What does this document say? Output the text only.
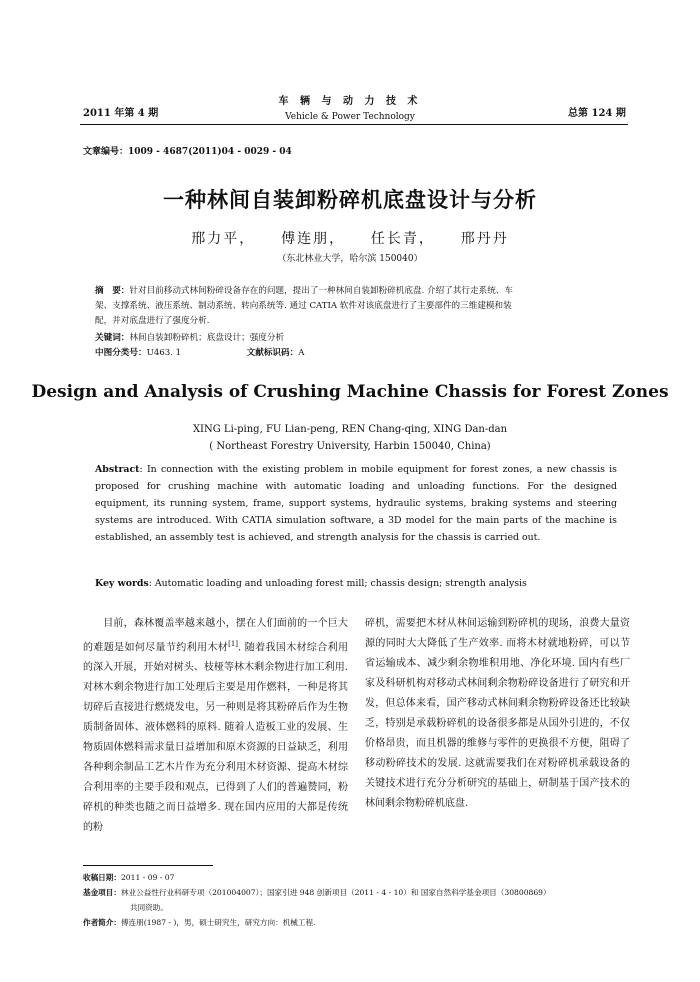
2011 年第 4 期
车 辆 与 动 力 技 术
Vehicle & Power Technology	总第 124 期
文章编号：1009 - 4687(2011)04 - 0029 - 04
一种林间自装卸粉碎机底盘设计与分析
邢力平， 傅连朋， 任长青， 邢丹丹
（东北林业大学，哈尔滨 150040）
摘　要：针对目前移动式林间粉碎设备存在的问题，提出了一种林间自装卸粉碎机底盘. 介绍了其行走系统、车
架、支撑系统、液压系统、制动系统、转向系统等. 通过 CATIA 软件对该底盘进行了主要部件的三维建模和装
配，并对底盘进行了强度分析.
关键词：林间自装卸粉碎机；底盘设计；强度分析
中图分类号：U463. 1	文献标识码：A
Design and Analysis of Crushing Machine Chassis for Forest Zones
XING Li-ping, FU Lian-peng, REN Chang-qing, XING Dan-dan
( Northeast Forestry University, Harbin 150040, China)
Abstract: In connection with the existing problem in mobile equipment for forest zones, a new chassis is proposed for crushing machine with automatic loading and unloading functions. For the designed equipment, its running system, frame, support systems, hydraulic systems, braking systems and steering systems are introduced. With CATIA simulation software, a 3D model for the main parts of the machine is established, an assembly test is achieved, and strength analysis for the chassis is carried out.
Key words: Automatic loading and unloading forest mill; chassis design; strength analysis
目前，森林覆盖率越来越小，摆在人们面前的一个巨大的难题是如何尽量节约利用木材[1]. 随着我国木材综合利用的深入开展，开始对树头、枝桠等林木剩余物进行加工利用. 对林木剩余物进行加工处理后主要是用作燃料，一种是将其切碎后直接进行燃烧发电，另一种则是将其粉碎后作为生物质制备固体、液体燃料的原料. 随着人造板工业的发展、生物质固体燃料需求量日益增加和原木资源的日益缺乏，利用各种剩余制品工艺木片作为充分利用木材资源、提高木材综合利用率的主要手段和观点，已得到了人们的普遍赞同，粉碎机的种类也随之而日益增多. 现在国内应用的大都是传统的粉
碎机，需要把木材从林间运输到粉碎机的现场，浪费大量资源的同时大大降低了生产效率. 而将木材就地粉碎，可以节省运输成本、减少剩余物堆积用地、净化环境. 国内有些厂家及科研机构对移动式林间剩余物粉碎设备进行了研究和开发，但总体来看，国产移动式林间剩余物粉碎设备还比较缺乏，特别是承载粉碎机的设备很多都是从国外引进的，不仅价格昂贵，而且机器的维修与零件的更换很不方便，阻碍了移动粉碎技术的发展. 这就需要我们在对粉碎机承载设备的关键技术进行充分分析研究的基础上，研制基于国产技术的林间剩余物粉碎机底盘.
收稿日期：2011 - 09 - 07
基金项目：林业公益性行业科研专项（201004007）；国家引进 948 创新项目（2011 - 4 - 10）和 国家自然科学基金项目（30800869）
共同资助。
作者简介：傅连朋(1987 - )，男，硕士研究生，研究方向：机械工程.
